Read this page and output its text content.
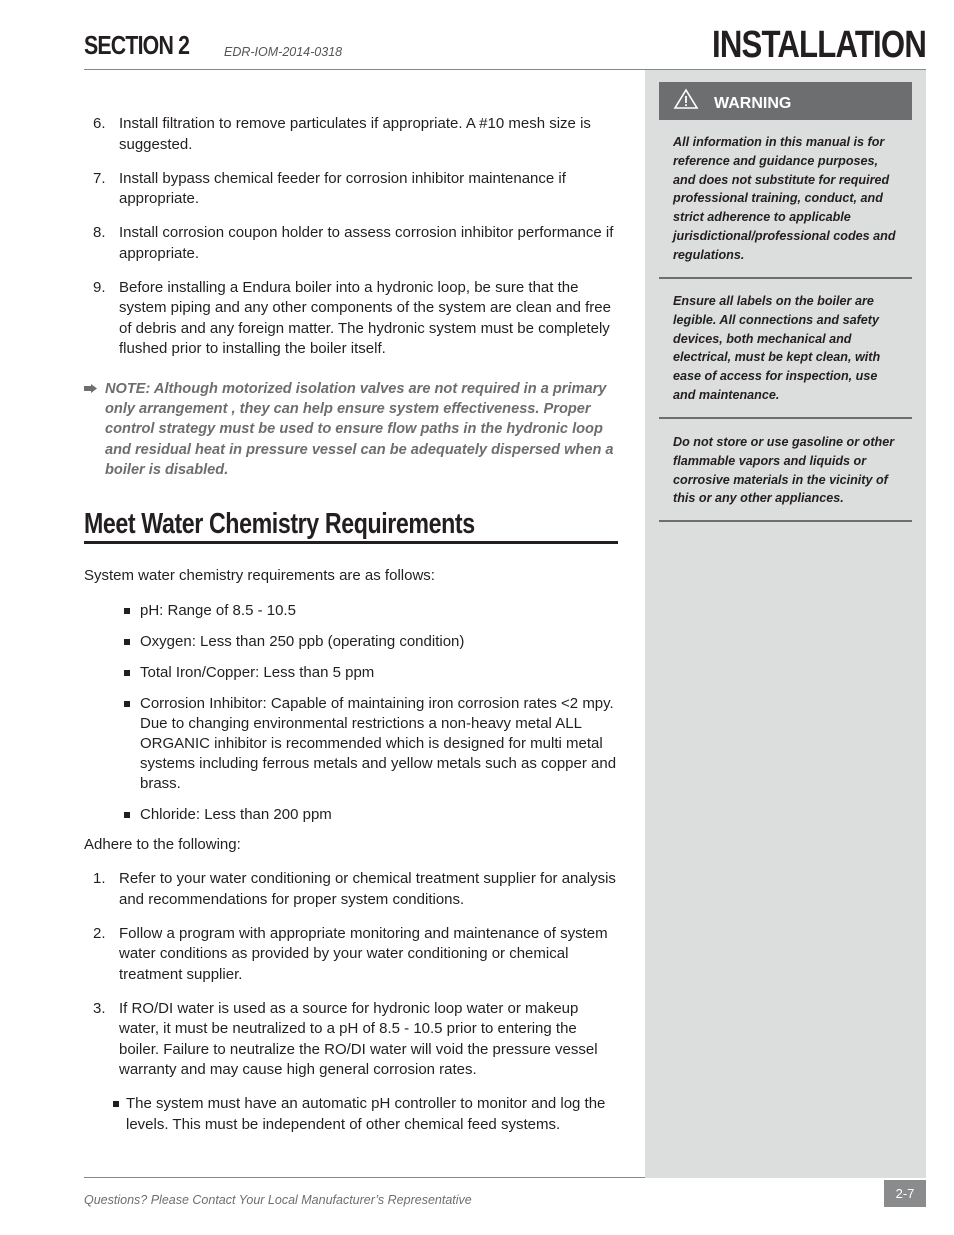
SECTION 2	EDR-IOM-2014-0318	INSTALLATION
WARNING
All information in this manual is for reference and guidance purposes, and does not substitute for required professional training, conduct, and strict adherence to applicable jurisdictional/professional codes and regulations.
Ensure all labels on the boiler are legible. All connections and safety devices, both mechanical and electrical, must be kept clean, with ease of access for inspection, use and maintenance.
Do not store or use gasoline or other flammable vapors and liquids or corrosive materials in the vicinity of this or any other appliances.
6. Install filtration to remove particulates if appropriate. A #10 mesh size is suggested.
7. Install bypass chemical feeder for corrosion inhibitor maintenance if appropriate.
8. Install corrosion coupon holder to assess corrosion inhibitor performance if appropriate.
9. Before installing a Endura boiler into a hydronic loop, be sure that the system piping and any other components of the system are clean and free of debris and any foreign matter. The hydronic system must be completely flushed prior to installing the boiler itself.
NOTE: Although motorized isolation valves are not required in a primary only arrangement , they can help ensure system effectiveness. Proper control strategy must be used to ensure flow paths in the hydronic loop and residual heat in pressure vessel can be adequately dispersed when a boiler is disabled.
Meet Water Chemistry Requirements
System water chemistry requirements are as follows:
pH: Range of 8.5 - 10.5
Oxygen: Less than 250 ppb (operating condition)
Total Iron/Copper: Less than 5 ppm
Corrosion Inhibitor: Capable of maintaining iron corrosion rates <2 mpy. Due to changing environmental restrictions a non-heavy metal ALL ORGANIC inhibitor is recommended which is designed for multi metal systems including ferrous metals and yellow metals such as copper and brass.
Chloride: Less than 200 ppm
Adhere to the following:
1. Refer to your water conditioning or chemical treatment supplier for analysis and recommendations for proper system conditions.
2. Follow a program with appropriate monitoring and maintenance of system water conditions as provided by your water conditioning or chemical treatment supplier.
3. If RO/DI water is used as a source for hydronic loop water or makeup water, it must be neutralized to a pH of 8.5 - 10.5 prior to entering the boiler. Failure to neutralize the RO/DI water will void the pressure vessel warranty and may cause high general corrosion rates.
The system must have an automatic pH controller to monitor and log the levels. This must be independent of other chemical feed systems.
Questions? Please Contact Your Local Manufacturer’s Representative	2-7
